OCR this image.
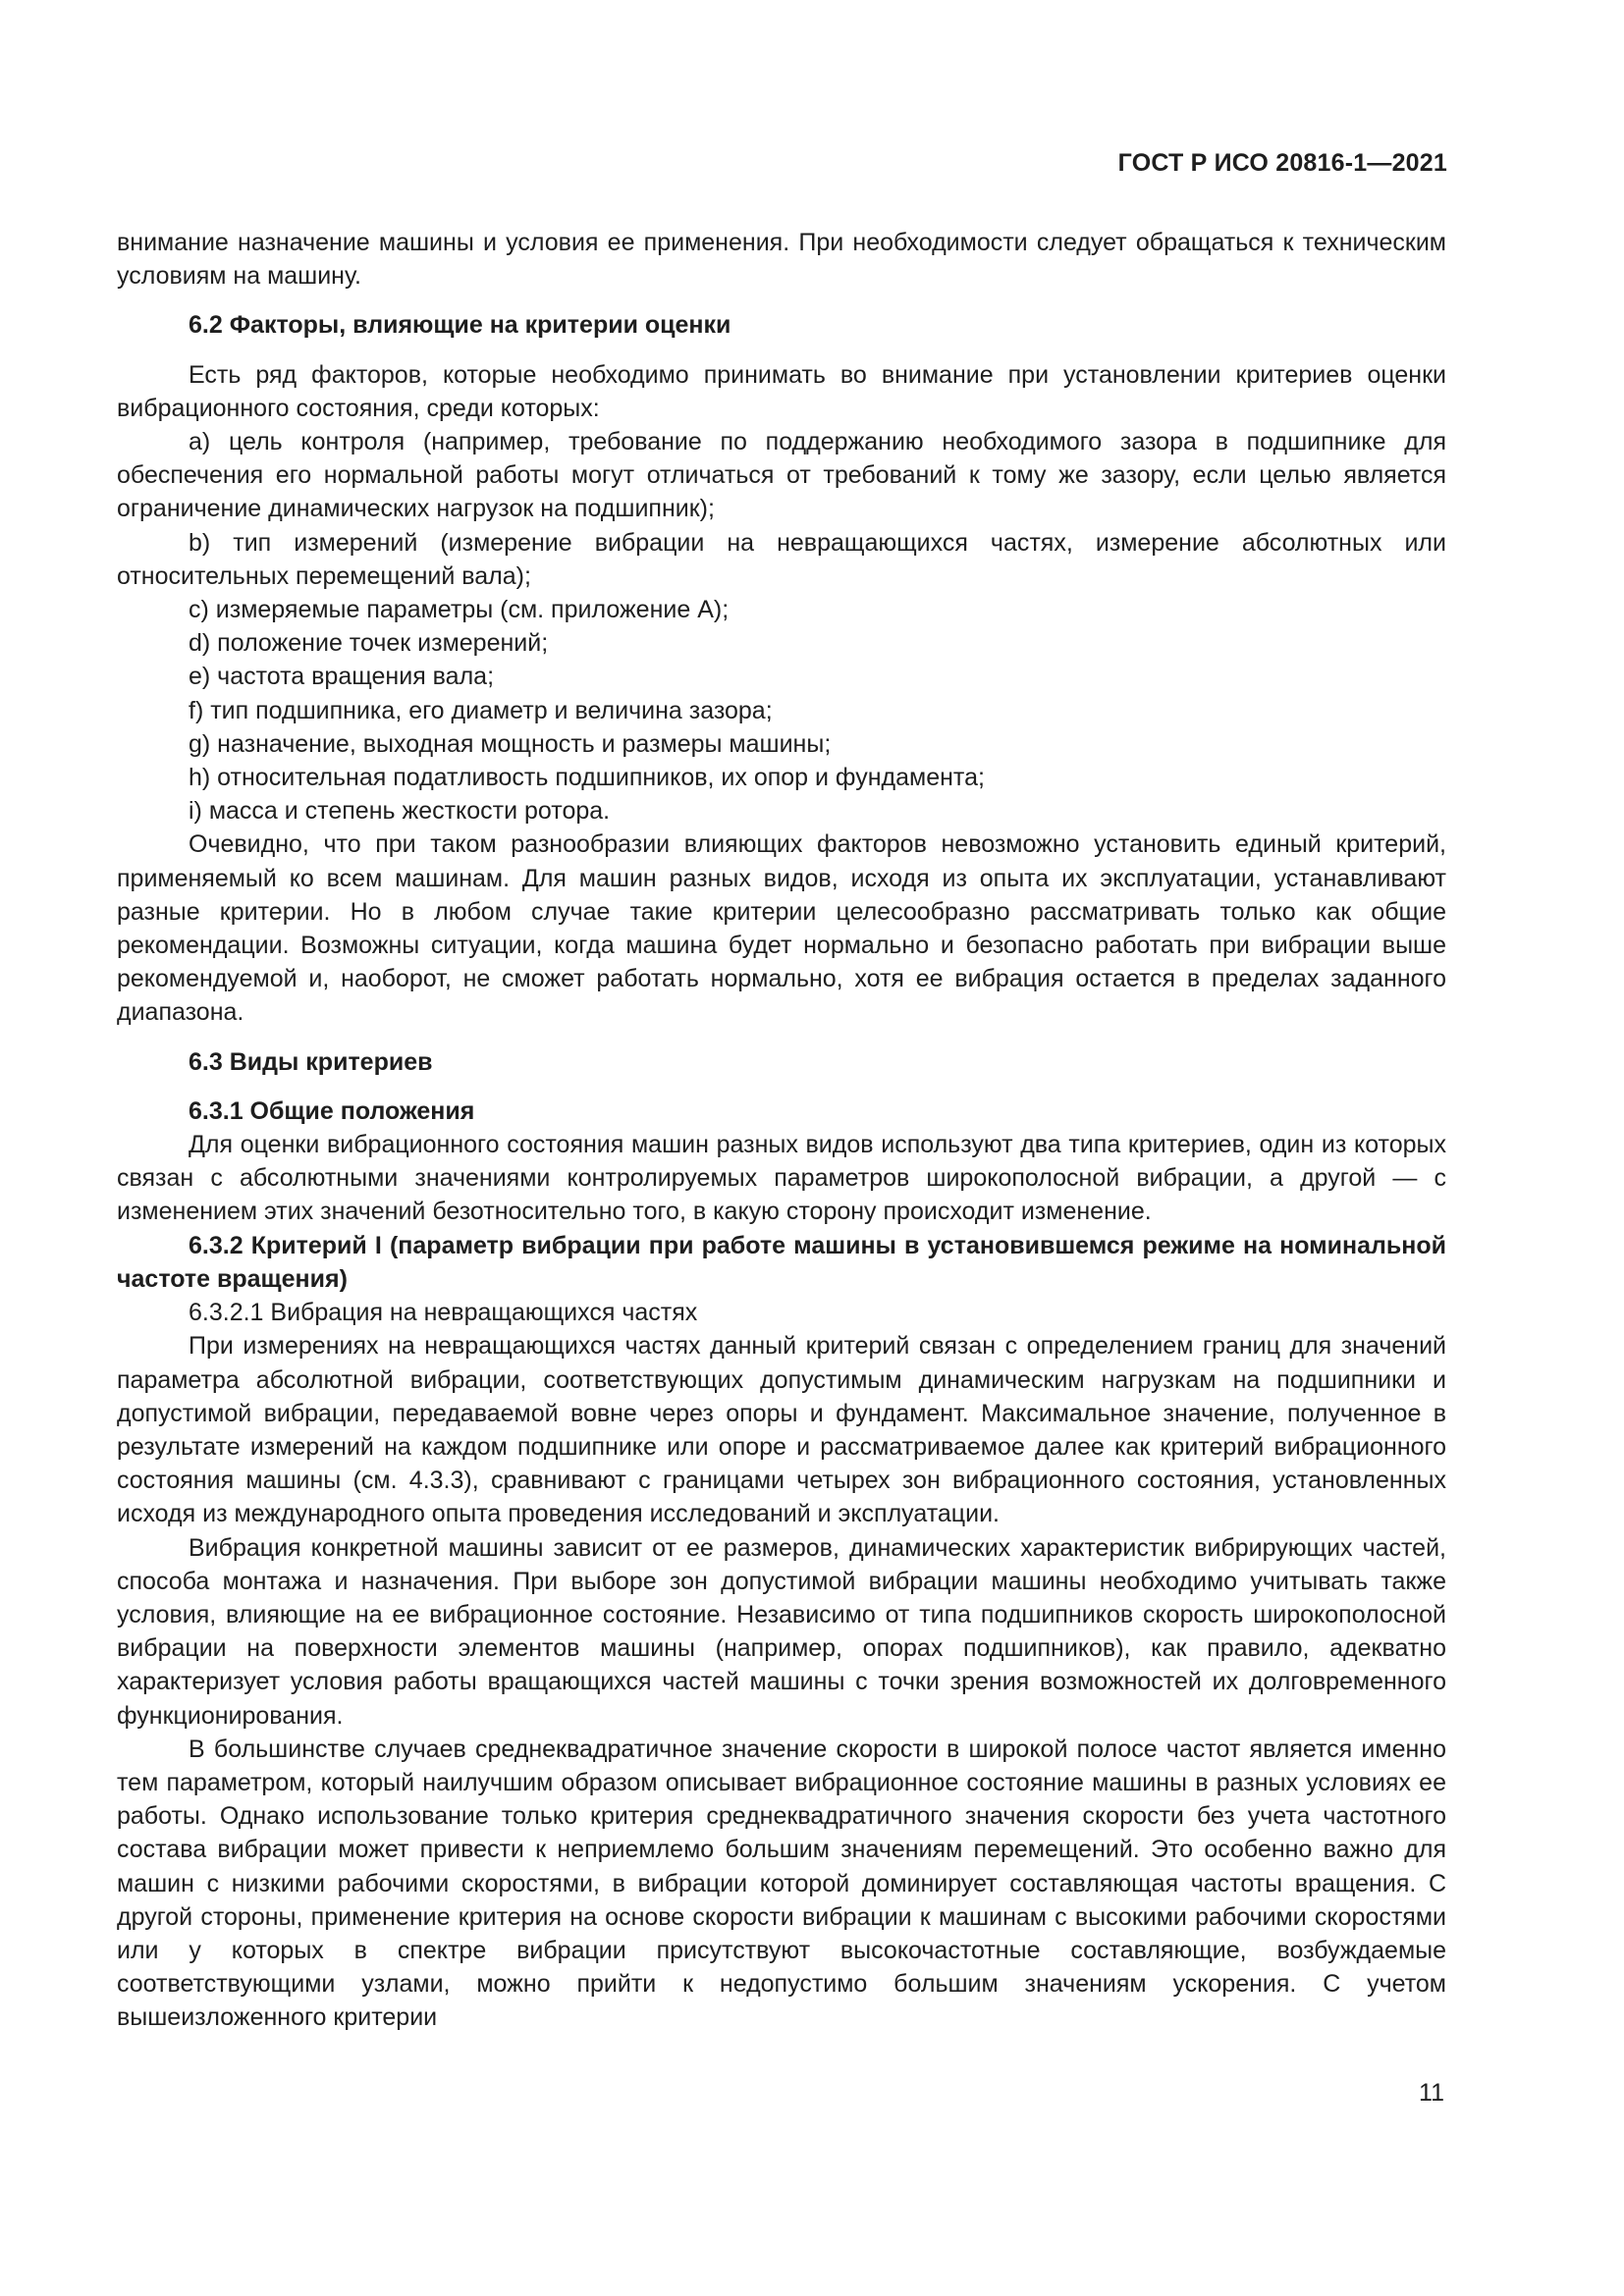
ГОСТ Р ИСО 20816-1—2021

внимание назначение машины и условия ее применения. При необходимости следует обращаться к техническим условиям на машину.

6.2 Факторы, влияющие на критерии оценки

Есть ряд факторов, которые необходимо принимать во внимание при установлении критериев оценки вибрационного состояния, среди которых:

a) цель контроля (например, требование по поддержанию необходимого зазора в подшипнике для обеспечения его нормальной работы могут отличаться от требований к тому же зазору, если целью является ограничение динамических нагрузок на подшипник);

b) тип измерений (измерение вибрации на невращающихся частях, измерение абсолютных или относительных перемещений вала);

c) измеряемые параметры (см. приложение А);

d) положение точек измерений;

e) частота вращения вала;

f) тип подшипника, его диаметр и величина зазора;

g) назначение, выходная мощность и размеры машины;

h) относительная податливость подшипников, их опор и фундамента;

i) масса и степень жесткости ротора.

Очевидно, что при таком разнообразии влияющих факторов невозможно установить единый критерий, применяемый ко всем машинам. Для машин разных видов, исходя из опыта их эксплуатации, устанавливают разные критерии. Но в любом случае такие критерии целесообразно рассматривать только как общие рекомендации. Возможны ситуации, когда машина будет нормально и безопасно работать при вибрации выше рекомендуемой и, наоборот, не сможет работать нормально, хотя ее вибрация остается в пределах заданного диапазона.

6.3 Виды критериев

6.3.1 Общие положения

Для оценки вибрационного состояния машин разных видов используют два типа критериев, один из которых связан с абсолютными значениями контролируемых параметров широкополосной вибрации, а другой — с изменением этих значений безотносительно того, в какую сторону происходит изменение.

6.3.2 Критерий I (параметр вибрации при работе машины в установившемся режиме на номинальной частоте вращения)

6.3.2.1 Вибрация на невращающихся частях

При измерениях на невращающихся частях данный критерий связан с определением границ для значений параметра абсолютной вибрации, соответствующих допустимым динамическим нагрузкам на подшипники и допустимой вибрации, передаваемой вовне через опоры и фундамент. Максимальное значение, полученное в результате измерений на каждом подшипнике или опоре и рассматриваемое далее как критерий вибрационного состояния машины (см. 4.3.3), сравнивают с границами четырех зон вибрационного состояния, установленных исходя из международного опыта проведения исследований и эксплуатации.

Вибрация конкретной машины зависит от ее размеров, динамических характеристик вибрирующих частей, способа монтажа и назначения. При выборе зон допустимой вибрации машины необходимо учитывать также условия, влияющие на ее вибрационное состояние. Независимо от типа подшипников скорость широкополосной вибрации на поверхности элементов машины (например, опорах подшипников), как правило, адекватно характеризует условия работы вращающихся частей машины с точки зрения возможностей их долговременного функционирования.

В большинстве случаев среднеквадратичное значение скорости в широкой полосе частот является именно тем параметром, который наилучшим образом описывает вибрационное состояние машины в разных условиях ее работы. Однако использование только критерия среднеквадратичного значения скорости без учета частотного состава вибрации может привести к неприемлемо большим значениям перемещений. Это особенно важно для машин с низкими рабочими скоростями, в вибрации которой доминирует составляющая частоты вращения. С другой стороны, применение критерия на основе скорости вибрации к машинам с высокими рабочими скоростями или у которых в спектре вибрации присутствуют высокочастотные составляющие, возбуждаемые соответствующими узлами, можно прийти к недопустимо большим значениям ускорения. С учетом вышеизложенного критерии

11
